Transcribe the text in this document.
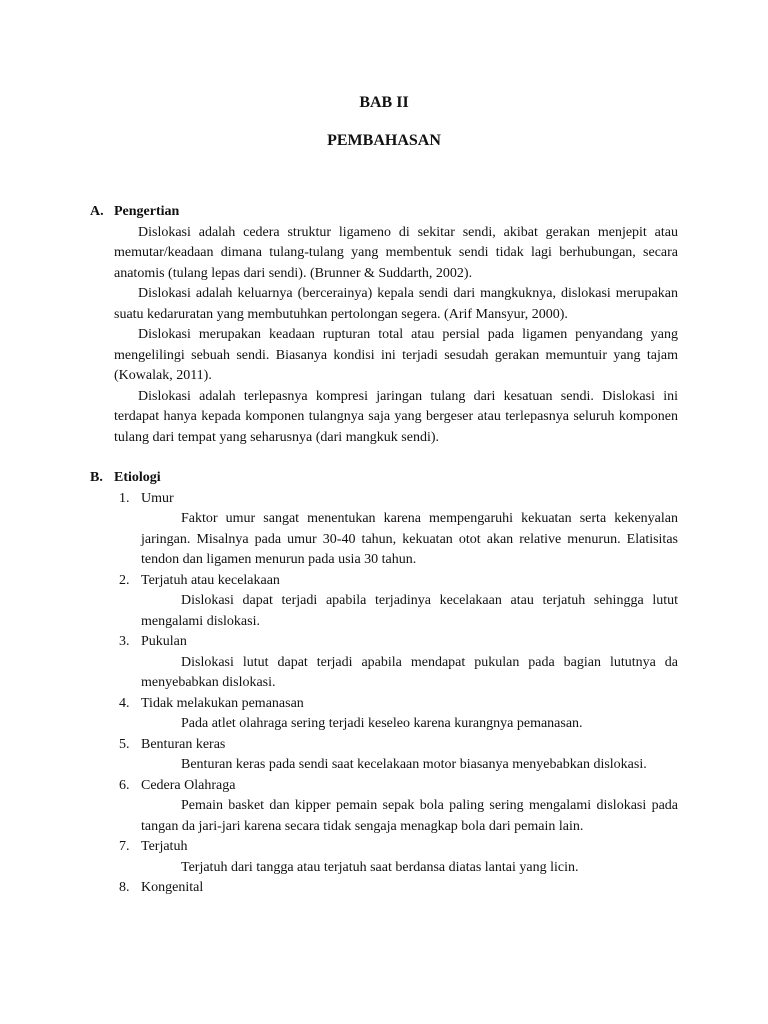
BAB II
PEMBAHASAN

A. Pengertian

Dislokasi adalah cedera struktur ligameno di sekitar sendi, akibat gerakan menjepit atau memutar/keadaan dimana tulang-tulang yang membentuk sendi tidak lagi berhubungan, secara anatomis (tulang lepas dari sendi). (Brunner & Suddarth, 2002).

Dislokasi adalah keluarnya (bercerainya) kepala sendi dari mangkuknya, dislokasi merupakan suatu kedaruratan yang membutuhkan pertolongan segera. (Arif Mansyur, 2000).

Dislokasi merupakan keadaan rupturan total atau persial pada ligamen penyandang yang mengelilingi sebuah sendi. Biasanya kondisi ini terjadi sesudah gerakan memuntuir yang tajam (Kowalak, 2011).

Dislokasi adalah terlepasnya kompresi jaringan tulang dari kesatuan sendi. Dislokasi ini terdapat hanya kepada komponen tulangnya saja yang bergeser atau terlepasnya seluruh komponen tulang dari tempat yang seharusnya (dari mangkuk sendi).

B. Etiologi

1. Umur

Faktor umur sangat menentukan karena mempengaruhi kekuatan serta kekenyalan jaringan. Misalnya pada umur 30-40 tahun, kekuatan otot akan relative menurun. Elatisitas tendon dan ligamen menurun pada usia 30 tahun.

2. Terjatuh atau kecelakaan

Dislokasi dapat terjadi apabila terjadinya kecelakaan atau terjatuh sehingga lutut mengalami dislokasi.

3. Pukulan

Dislokasi lutut dapat terjadi apabila mendapat pukulan pada bagian lututnya da menyebabkan dislokasi.

4. Tidak melakukan pemanasan

Pada atlet olahraga sering terjadi keseleo karena kurangnya pemanasan.

5. Benturan keras

Benturan keras pada sendi saat kecelakaan motor biasanya menyebabkan dislokasi.

6. Cedera Olahraga

Pemain basket dan kipper pemain sepak bola paling sering mengalami dislokasi pada tangan da jari-jari karena secara tidak sengaja menagkap bola dari pemain lain.

7. Terjatuh

Terjatuh dari tangga atau terjatuh saat berdansa diatas lantai yang licin.

8. Kongenital
